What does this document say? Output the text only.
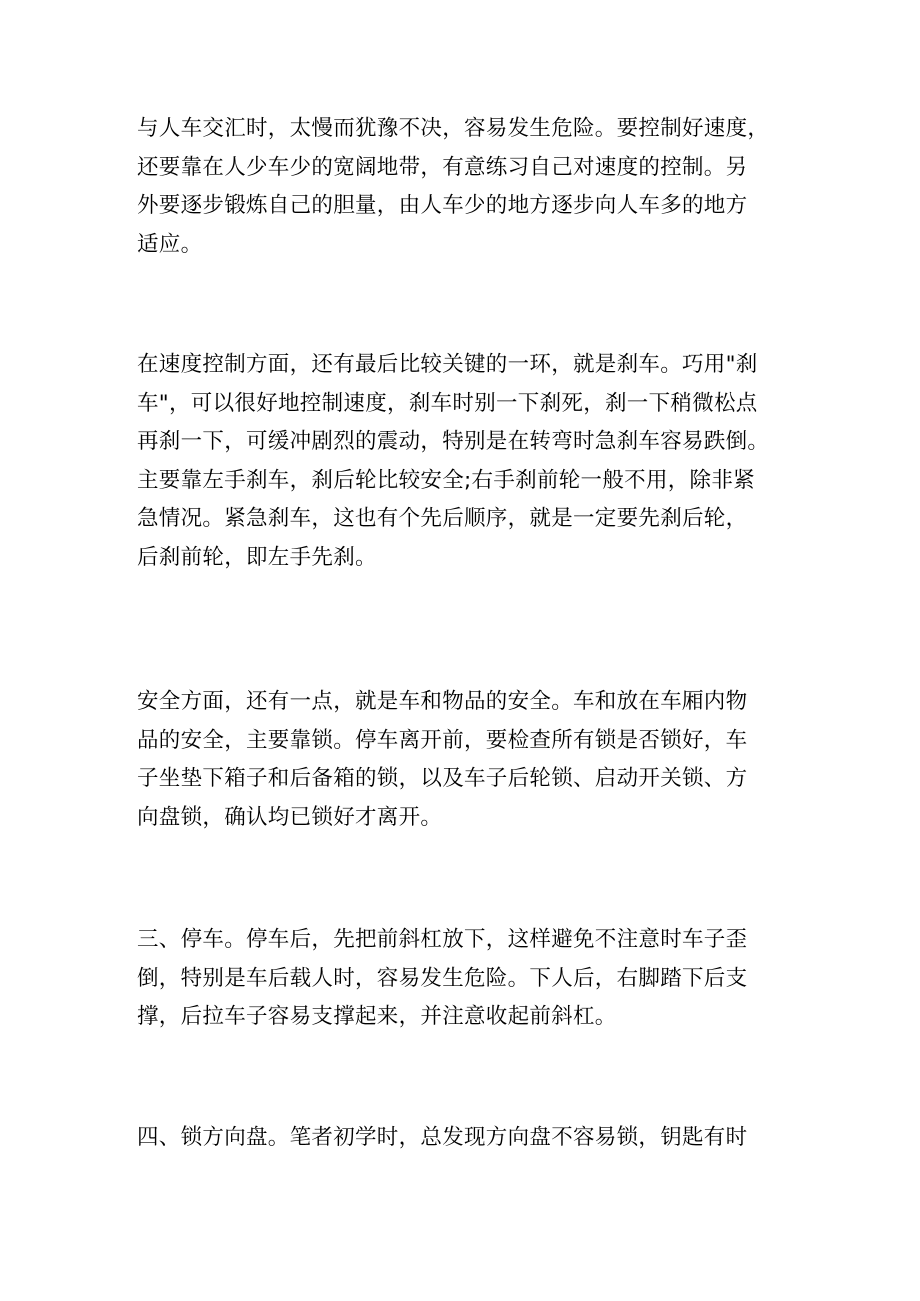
与人车交汇时，太慢而犹豫不决，容易发生危险。要控制好速度，
还要靠在人少车少的宽阔地带，有意练习自己对速度的控制。另
外要逐步锻炼自己的胆量，由人车少的地方逐步向人车多的地方
适应。

在速度控制方面，还有最后比较关键的一环，就是刹车。巧用"刹
车"，可以很好地控制速度，刹车时别一下刹死，刹一下稍微松点
再刹一下，可缓冲剧烈的震动，特别是在转弯时急刹车容易跌倒。
主要靠左手刹车，刹后轮比较安全;右手刹前轮一般不用，除非紧
急情况。紧急刹车，这也有个先后顺序，就是一定要先刹后轮，
后刹前轮，即左手先刹。

安全方面，还有一点，就是车和物品的安全。车和放在车厢内物
品的安全，主要靠锁。停车离开前，要检查所有锁是否锁好，车
子坐垫下箱子和后备箱的锁，以及车子后轮锁、启动开关锁、方
向盘锁，确认均已锁好才离开。

三、停车。停车后，先把前斜杠放下，这样避免不注意时车子歪
倒，特别是车后载人时，容易发生危险。下人后，右脚踏下后支
撑，后拉车子容易支撑起来，并注意收起前斜杠。

四、锁方向盘。笔者初学时，总发现方向盘不容易锁，钥匙有时
